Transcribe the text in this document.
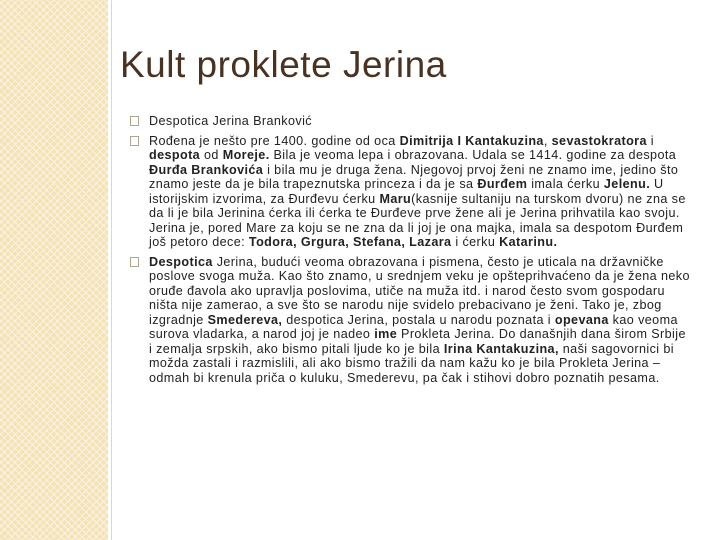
Kult proklete Jerina
Despotica Jerina Branković
Rođena je nešto pre 1400. godine od oca Dimitrija I Kantakuzina, sevastokratora i despota od Moreje. Bila je veoma lepa i obrazovana. Udala se 1414. godine za despota Đurđa Brankovića i bila mu je druga žena. Njegovoj prvoj ženi ne znamo ime, jedino što znamo jeste da je bila trapeznutska princeza i da je sa Đurđem imala ćerku Jelenu. U istorijskim izvorima, za Đurđevu ćerku Maru(kasnije sultaniju na turskom dvoru) ne zna se da li je bila Jerinina ćerka ili ćerka te Đurđeve prve žene ali je Jerina prihvatila kao svoju. Jerina je, pored Mare za koju se ne zna da li joj je ona majka, imala sa despotom Đurđem još petoro dece: Todora, Grgura, Stefana, Lazara i ćerku Katarinu.
Despotica Jerina, budući veoma obrazovana i pismena, često je uticala na državničke poslove svoga muža. Kao što znamo, u srednjem veku je opšteprihvaćeno da je žena neko oruđe đavola ako upravlja poslovima, utiče na muža itd. i narod često svom gospodaru ništa nije zamerao, a sve što se narodu nije svidelo prebacivano je ženi. Tako je, zbog izgradnje Smedereva, despotica Jerina, postala u narodu poznata i opevana kao veoma surova vladarka, a narod joj je nadeo ime Prokleta Jerina. Do današnjih dana širom Srbije i zemalja srpskih, ako bismo pitali ljude ko je bila Irina Kantakuzina, naši sagovornici bi možda zastali i razmislili, ali ako bismo tražili da nam kažu ko je bila Prokleta Jerina – odmah bi krenula priča o kuluku, Smederevu, pa čak i stihovi dobro poznatih pesama.
